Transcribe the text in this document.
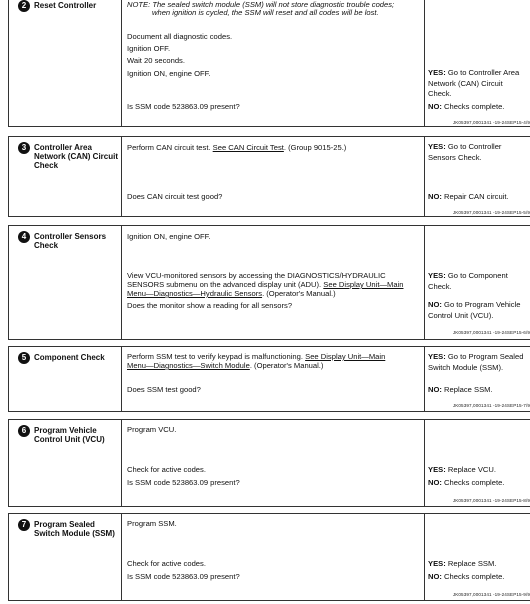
2 Reset Controller	NOTE: The sealed switch module (SSM) will not store diagnostic trouble codes;
when ignition is cycled, the SSM will reset and all codes will be lost.
Document all diagnostic codes.
Ignition OFF.
Wait 20 seconds.
Ignition ON, engine OFF.
Is SSM code 523863.09 present?
YES: Go to Controller Area Network (CAN) Circuit Check.
NO: Checks complete.
JK05397,0001341 -19-24SEP15-4/9
3 Controller Area Network (CAN) Circuit Check
Perform CAN circuit test. See CAN Circuit Test. (Group 9015-25.)
Does CAN circuit test good?
YES: Go to Controller Sensors Check.
NO: Repair CAN circuit.
JK05397,0001341 -19-24SEP15-5/9
4 Controller Sensors Check
Ignition ON, engine OFF.
View VCU-monitored sensors by accessing the DIAGNOSTICS/HYDRAULIC
SENSORS submenu on the advanced display unit (ADU). See Display Unit—Main
Menu—Diagnostics—Hydraulic Sensors. (Operator's Manual.)
Does the monitor show a reading for all sensors?
YES: Go to Component Check.
NO: Go to Program Vehicle Control Unit (VCU).
JK05397,0001341 -19-24SEP15-6/9
5 Component Check	Perform SSM test to verify keypad is malfunctioning. See Display Unit—Main
Menu—Diagnostics—Switch Module. (Operator's Manual.)
Does SSM test good?
YES: Go to Program Sealed Switch Module (SSM).
NO: Replace SSM.
JK05397,0001341 -19-24SEP15-7/9
6 Program Vehicle Control Unit (VCU)
Program VCU.
Check for active codes.
Is SSM code 523863.09 present?
YES: Replace VCU.
NO: Checks complete.
JK05397,0001341 -19-24SEP15-8/9
7 Program Sealed Switch Module (SSM)
Program SSM.
Check for active codes.
Is SSM code 523863.09 present?
YES: Replace SSM.
NO: Checks complete.
JK05397,0001341 -19-24SEP15-9/9
